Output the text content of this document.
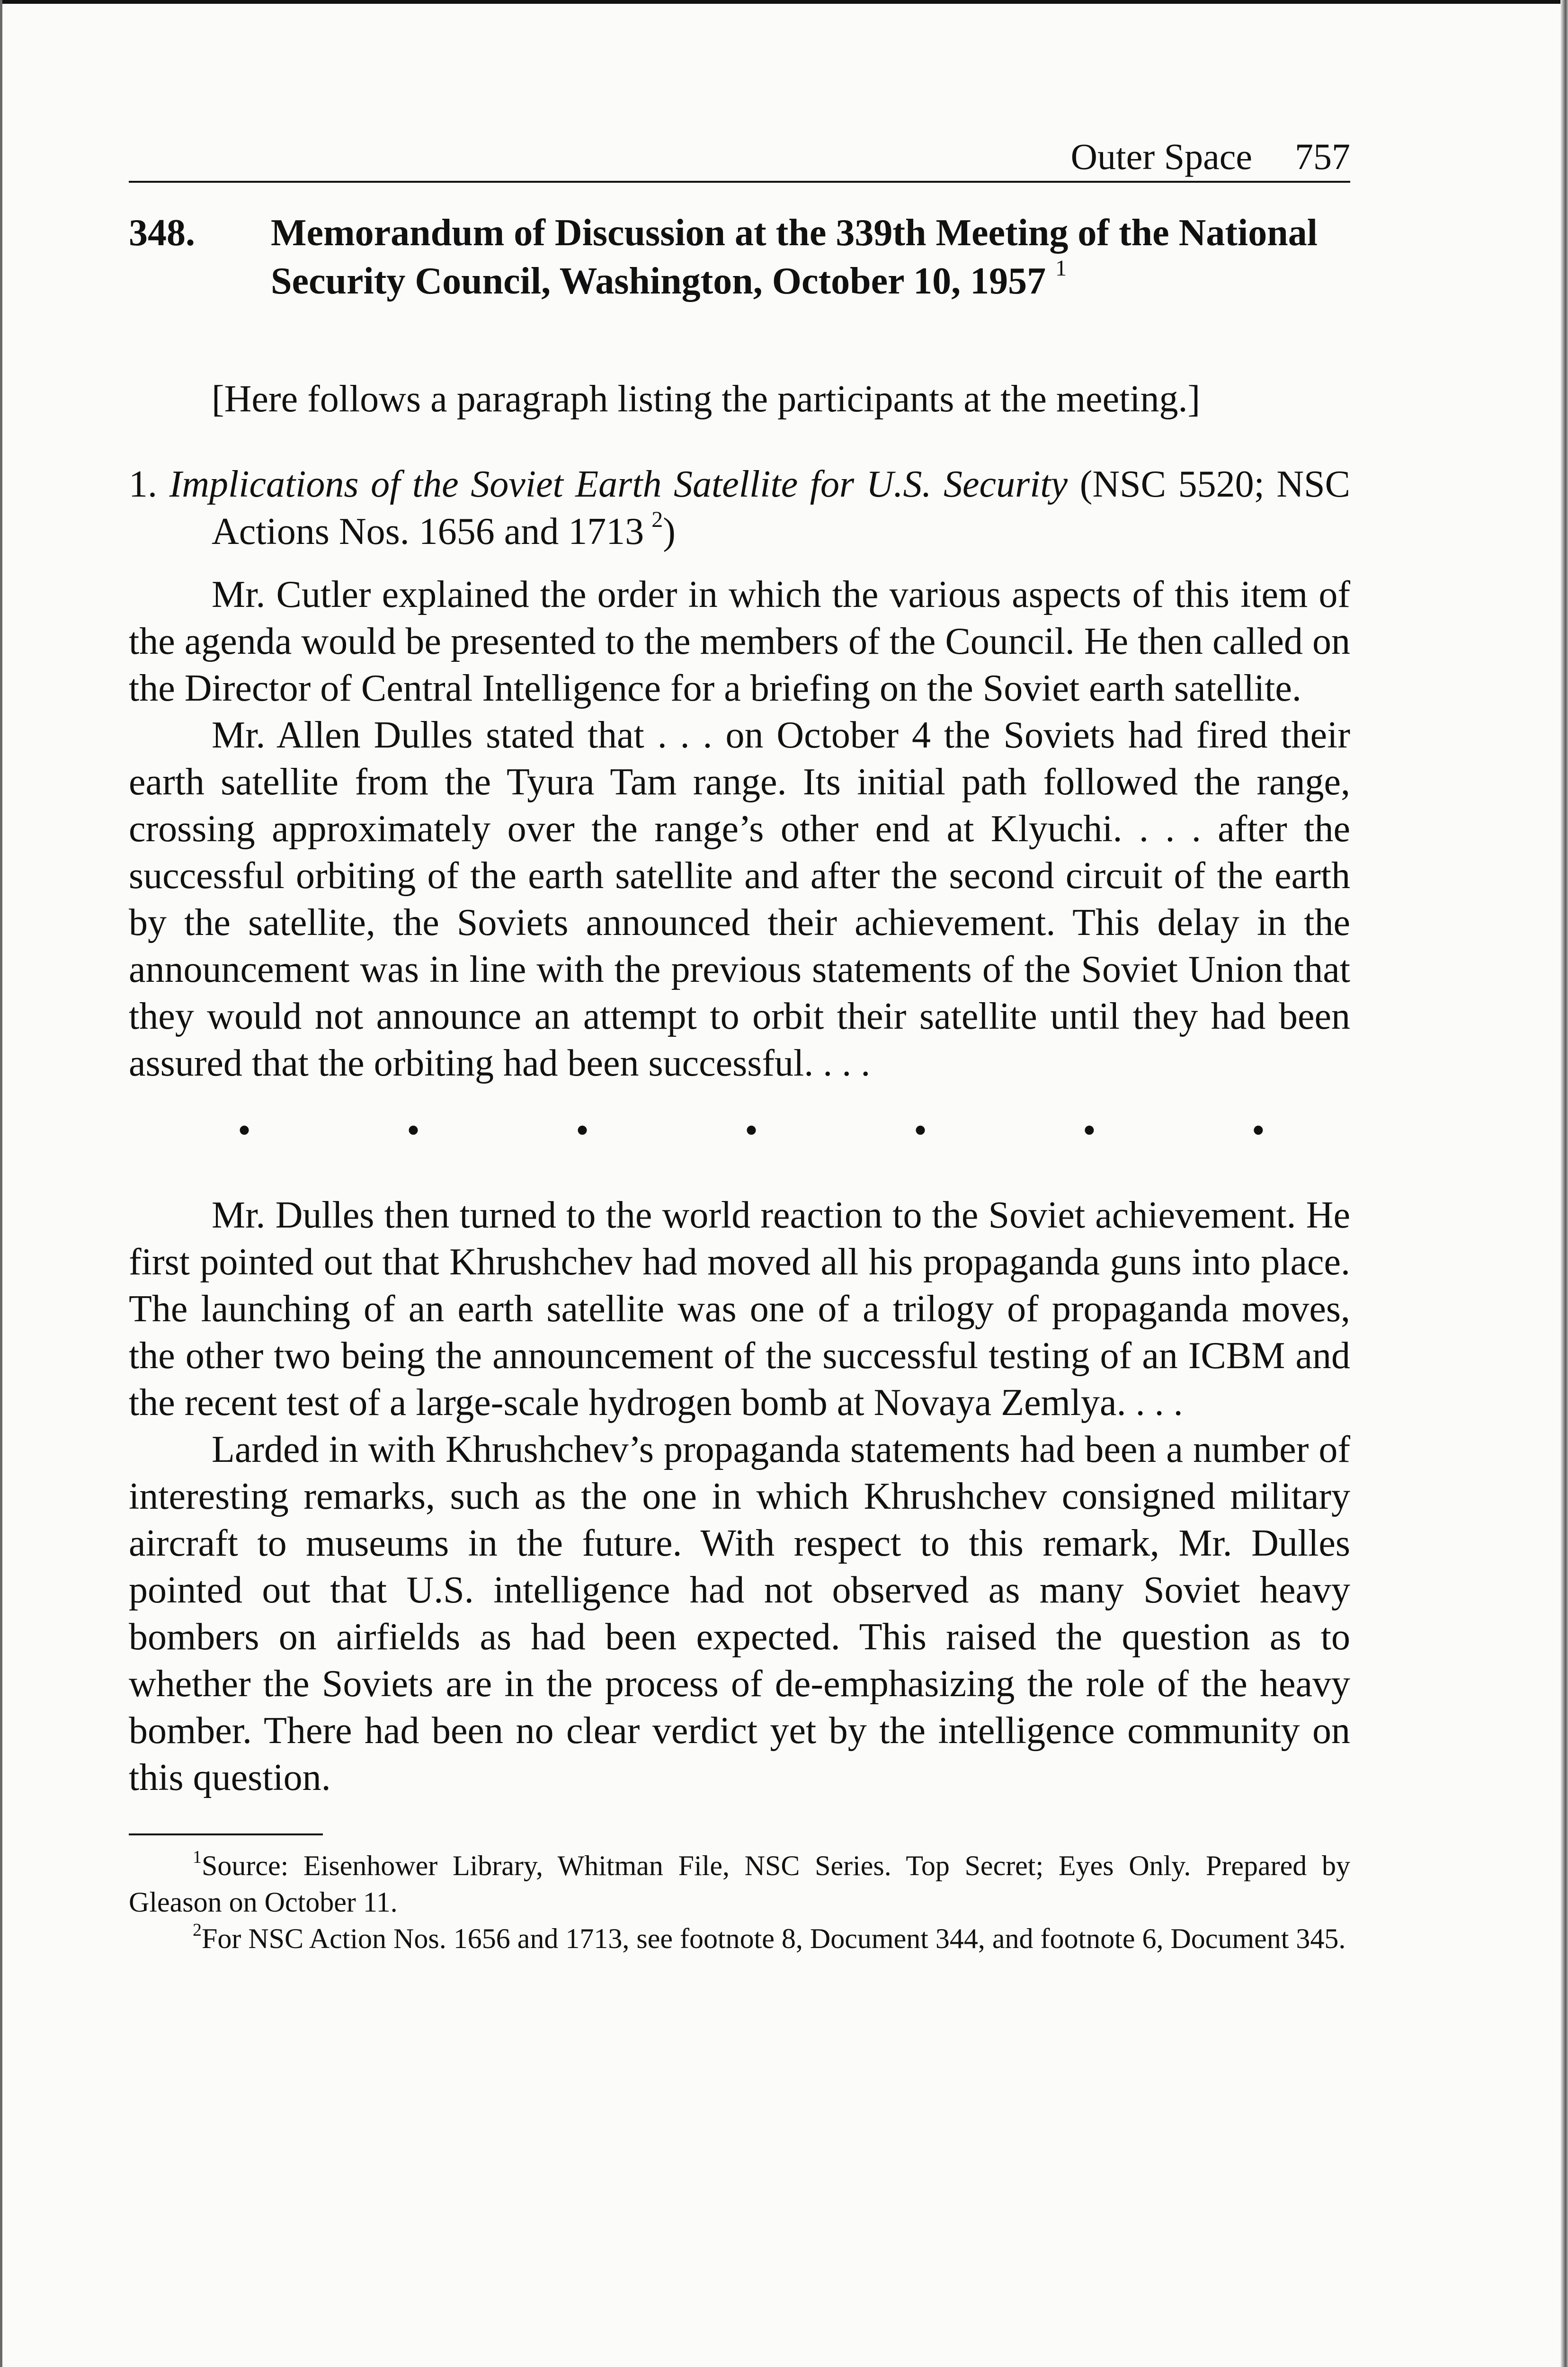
Outer Space 757
348.	Memorandum of Discussion at the 339th Meeting of the National Security Council, Washington, October 10, 1957 $^1$

[Here follows a paragraph listing the participants at the meeting.]

1. Implications of the Soviet Earth Satellite for U.S. Security (NSC 5520; NSC Actions Nos. 1656 and 1713  $^2$)

Mr. Cutler explained the order in which the various aspects of this item of the agenda would be presented to the members of the Council. He then called on the Director of Central Intelligence for a briefing on the Soviet earth satellite.

Mr. Allen Dulles stated that . . . on October 4 the Soviets had fired their earth satellite from the Tyura Tam range. Its initial path followed the range, crossing approximately over the range’s other end at Klyuchi. . . . after the successful orbiting of the earth satellite and after the second circuit of the earth by the satellite, the Soviets announced their achievement. This delay in the announcement was in line with the previous statements of the Soviet Union that they would not announce an attempt to orbit their satellite until they had been assured that the orbiting had been successful. . . .

•	•	•	•	•	•	•

Mr. Dulles then turned to the world reaction to the Soviet achievement. He first pointed out that Khrushchev had moved all his propaganda guns into place. The launching of an earth satellite was one of a trilogy of propaganda moves, the other two being the announcement of the successful testing of an ICBM and the recent test of a large-scale hydrogen bomb at Novaya Zemlya. . . .

Larded in with Khrushchev’s propaganda statements had been a number of interesting remarks, such as the one in which Khrushchev consigned military aircraft to museums in the future. With respect to this remark, Mr. Dulles pointed out that U.S. intelligence had not observed as many Soviet heavy bombers on airfields as had been expected. This raised the question as to whether the Soviets are in the process of de-emphasizing the role of the heavy bomber. There had been no clear verdict yet by the intelligence community on this question.

$^1$Source: Eisenhower Library, Whitman File, NSC Series. Top Secret; Eyes Only. Prepared by Gleason on October 11.

$^2$For NSC Action Nos. 1656 and 1713, see footnote 8, Document 344, and footnote 6, Document 345.
